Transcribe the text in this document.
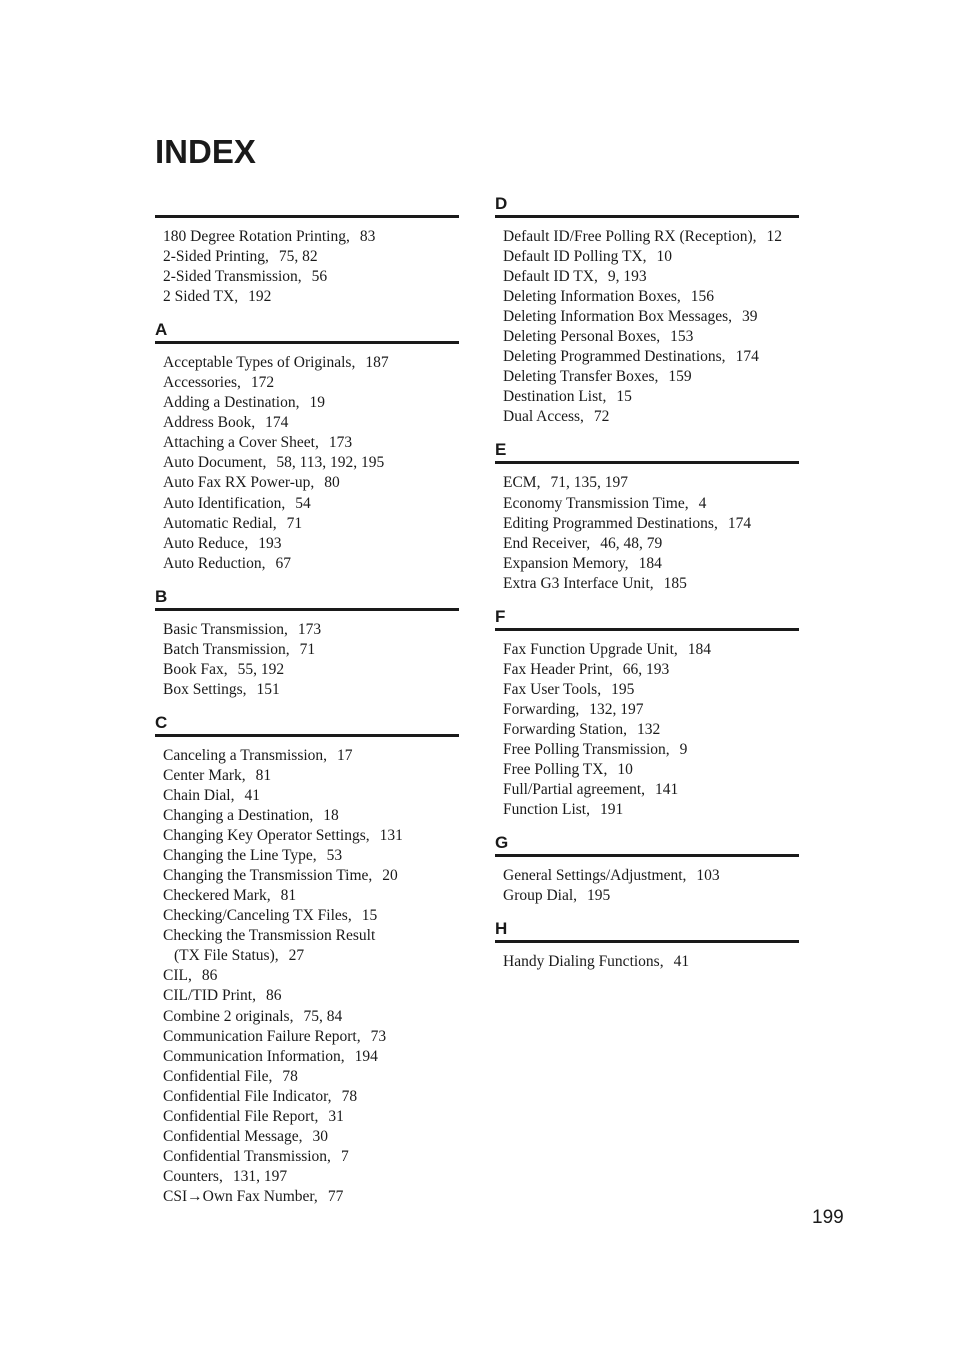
INDEX
180 Degree Rotation Printing, 83
2-Sided Printing, 75, 82
2-Sided Transmission, 56
2 Sided TX, 192
A
Acceptable Types of Originals, 187
Accessories, 172
Adding a Destination, 19
Address Book, 174
Attaching a Cover Sheet, 173
Auto Document, 58, 113, 192, 195
Auto Fax RX Power-up, 80
Auto Identification, 54
Automatic Redial, 71
Auto Reduce, 193
Auto Reduction, 67
B
Basic Transmission, 173
Batch Transmission, 71
Book Fax, 55, 192
Box Settings, 151
C
Canceling a Transmission, 17
Center Mark, 81
Chain Dial, 41
Changing a Destination, 18
Changing Key Operator Settings, 131
Changing the Line Type, 53
Changing the Transmission Time, 20
Checkered Mark, 81
Checking/Canceling TX Files, 15
Checking the Transmission Result
(TX File Status), 27
CIL, 86
CIL/TID Print, 86
Combine 2 originals, 75, 84
Communication Failure Report, 73
Communication Information, 194
Confidential File, 78
Confidential File Indicator, 78
Confidential File Report, 31
Confidential Message, 30
Confidential Transmission, 7
Counters, 131, 197
CSI→Own Fax Number, 77
D
Default ID/Free Polling RX (Reception), 12
Default ID Polling TX, 10
Default ID TX, 9, 193
Deleting Information Boxes, 156
Deleting Information Box Messages, 39
Deleting Personal Boxes, 153
Deleting Programmed Destinations, 174
Deleting Transfer Boxes, 159
Destination List, 15
Dual Access, 72
E
ECM, 71, 135, 197
Economy Transmission Time, 4
Editing Programmed Destinations, 174
End Receiver, 46, 48, 79
Expansion Memory, 184
Extra G3 Interface Unit, 185
F
Fax Function Upgrade Unit, 184
Fax Header Print, 66, 193
Fax User Tools, 195
Forwarding, 132, 197
Forwarding Station, 132
Free Polling Transmission, 9
Free Polling TX, 10
Full/Partial agreement, 141
Function List, 191
G
General Settings/Adjustment, 103
Group Dial, 195
H
Handy Dialing Functions, 41
199
